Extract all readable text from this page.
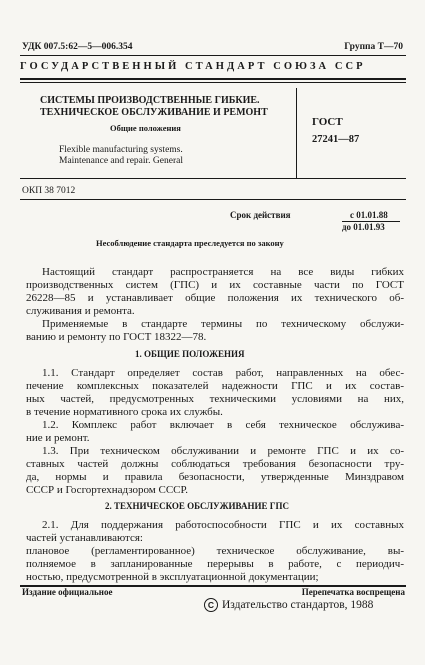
УДК 007.5:62—5—006.354	Группа Т—70
ГОСУДАРСТВЕННЫЙ СТАНДАРТ СОЮЗА ССР
СИСТЕМЫ ПРОИЗВОДСТВЕННЫЕ ГИБКИЕ.
ТЕХНИЧЕСКОЕ ОБСЛУЖИВАНИЕ И РЕМОНТ
Общие положения
Flexible manufacturing systems.
Maintenance and repair. General
ГОСТ
27241—87
ОКП 38 7012
Срок действия	с 01.01.88
до 01.01.93
Несоблюдение стандарта преследуется по закону
Настоящий стандарт распространяется на все виды гибких
производственных систем (ГПС) и их составные части по ГОСТ
26228—85 и устанавливает общие положения их технического об-
служивания и ремонта.
Применяемые в стандарте термины по техническому обслужи-
ванию и ремонту по ГОСТ 18322—78.
1. ОБЩИЕ ПОЛОЖЕНИЯ
1.1. Стандарт определяет состав работ, направленных на обес-
печение комплексных показателей надежности ГПС и их состав-
ных частей, предусмотренных техническими условиями на них,
в течение нормативного срока их службы.
1.2. Комплекс работ включает в себя техническое обслужива-
ние и ремонт.
1.3. При техническом обслуживании и ремонте ГПС и их со-
ставных частей должны соблюдаться требования безопасности тру-
да, нормы и правила безопасности, утвержденные Минздравом
СССР и Госгортехнадзором СССР.
2. ТЕХНИЧЕСКОЕ ОБСЛУЖИВАНИЕ ГПС
2.1. Для поддержания работоспособности ГПС и их составных
частей устанавливаются:
плановое (регламентированное) техническое обслуживание, вы-
полняемое в запланированные перерывы в работе, с периодич-
ностью, предусмотренной в эксплуатационной документации;
Издание официальное	Перепечатка воспрещена
C Издательство стандартов, 1988
